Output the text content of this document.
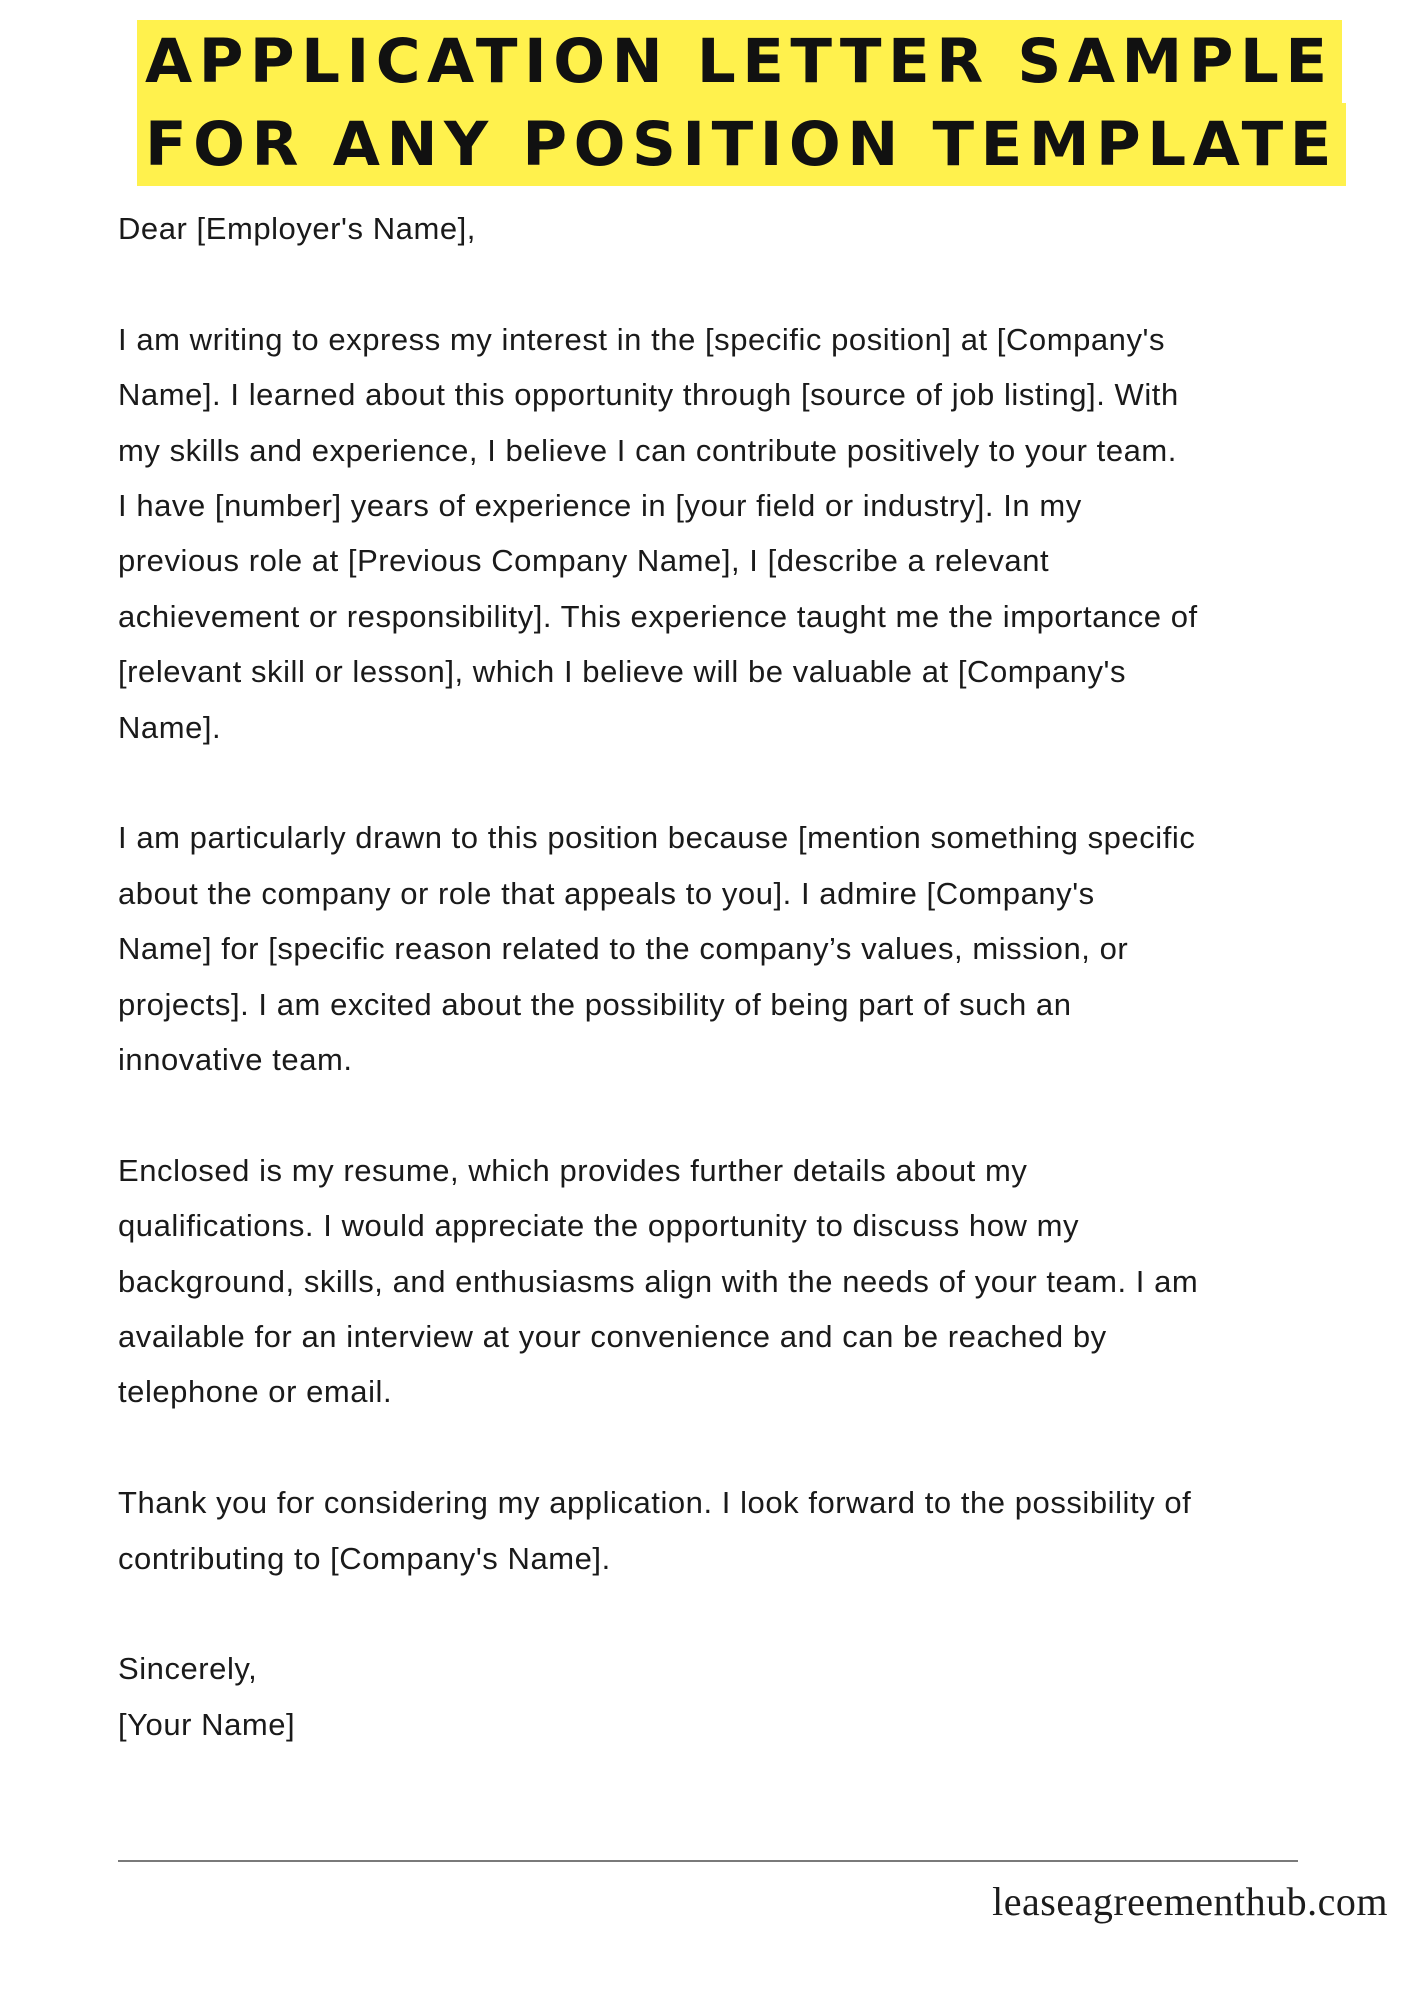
APPLICATION LETTER SAMPLE
FOR ANY POSITION TEMPLATE
Dear [Employer's Name],
I am writing to express my interest in the [specific position] at [Company's
Name]. I learned about this opportunity through [source of job listing]. With
my skills and experience, I believe I can contribute positively to your team.
I have [number] years of experience in [your field or industry]. In my
previous role at [Previous Company Name], I [describe a relevant
achievement or responsibility]. This experience taught me the importance of
[relevant skill or lesson], which I believe will be valuable at [Company's
Name].
I am particularly drawn to this position because [mention something specific
about the company or role that appeals to you]. I admire [Company's
Name] for [specific reason related to the company’s values, mission, or
projects]. I am excited about the possibility of being part of such an
innovative team.
Enclosed is my resume, which provides further details about my
qualifications. I would appreciate the opportunity to discuss how my
background, skills, and enthusiasms align with the needs of your team. I am
available for an interview at your convenience and can be reached by
telephone or email.
Thank you for considering my application. I look forward to the possibility of
contributing to [Company's Name].
Sincerely,
[Your Name]
leaseagreementhub.com
